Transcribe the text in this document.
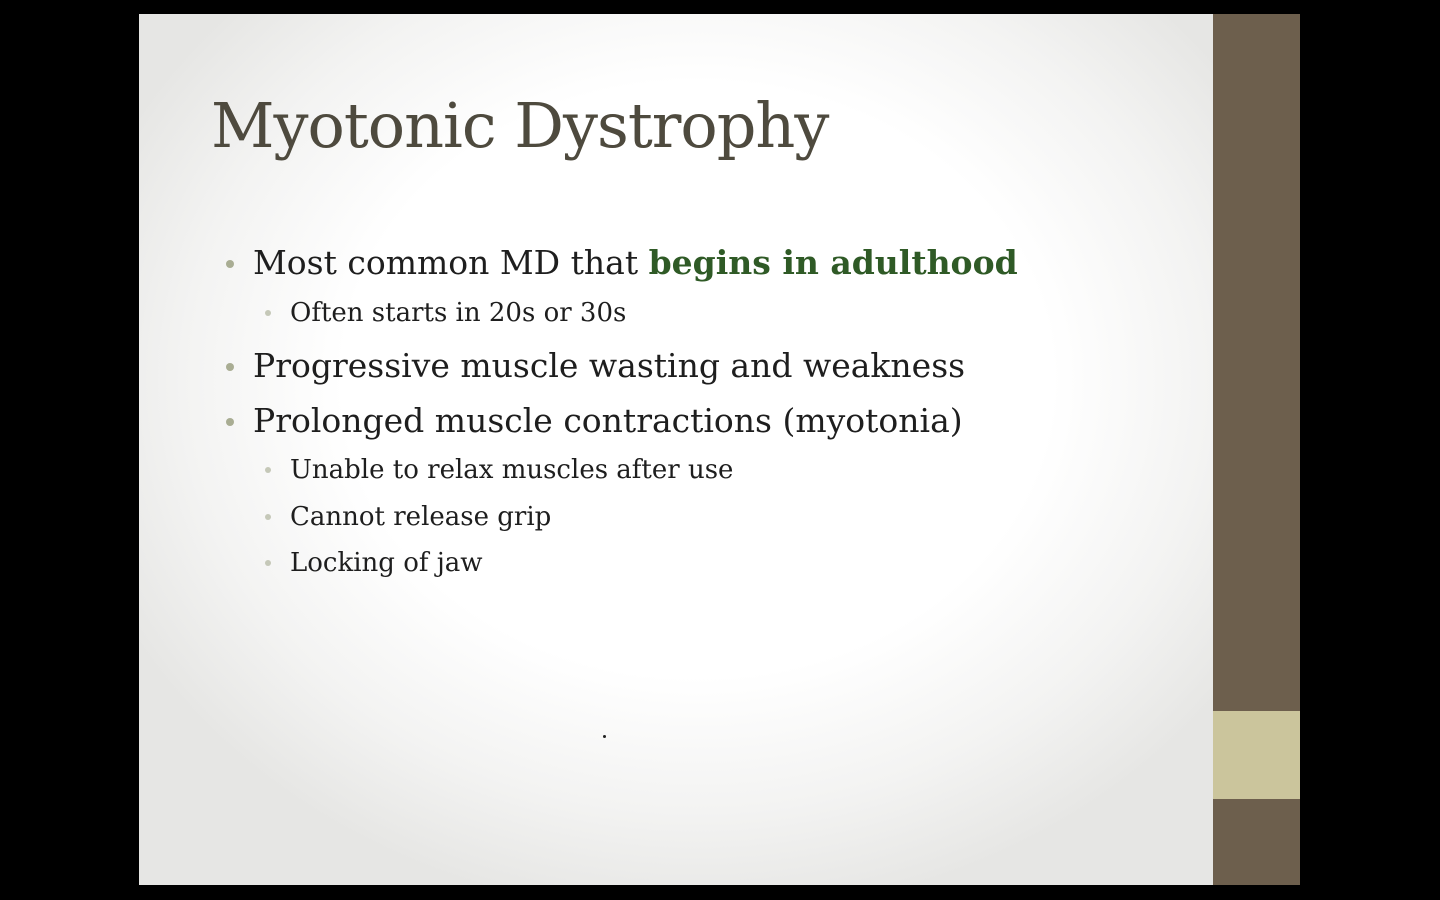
Myotonic Dystrophy
Most common MD that begins in adulthood
Often starts in 20s or 30s
Progressive muscle wasting and weakness
Prolonged muscle contractions (myotonia)
Unable to relax muscles after use
Cannot release grip
Locking of jaw
